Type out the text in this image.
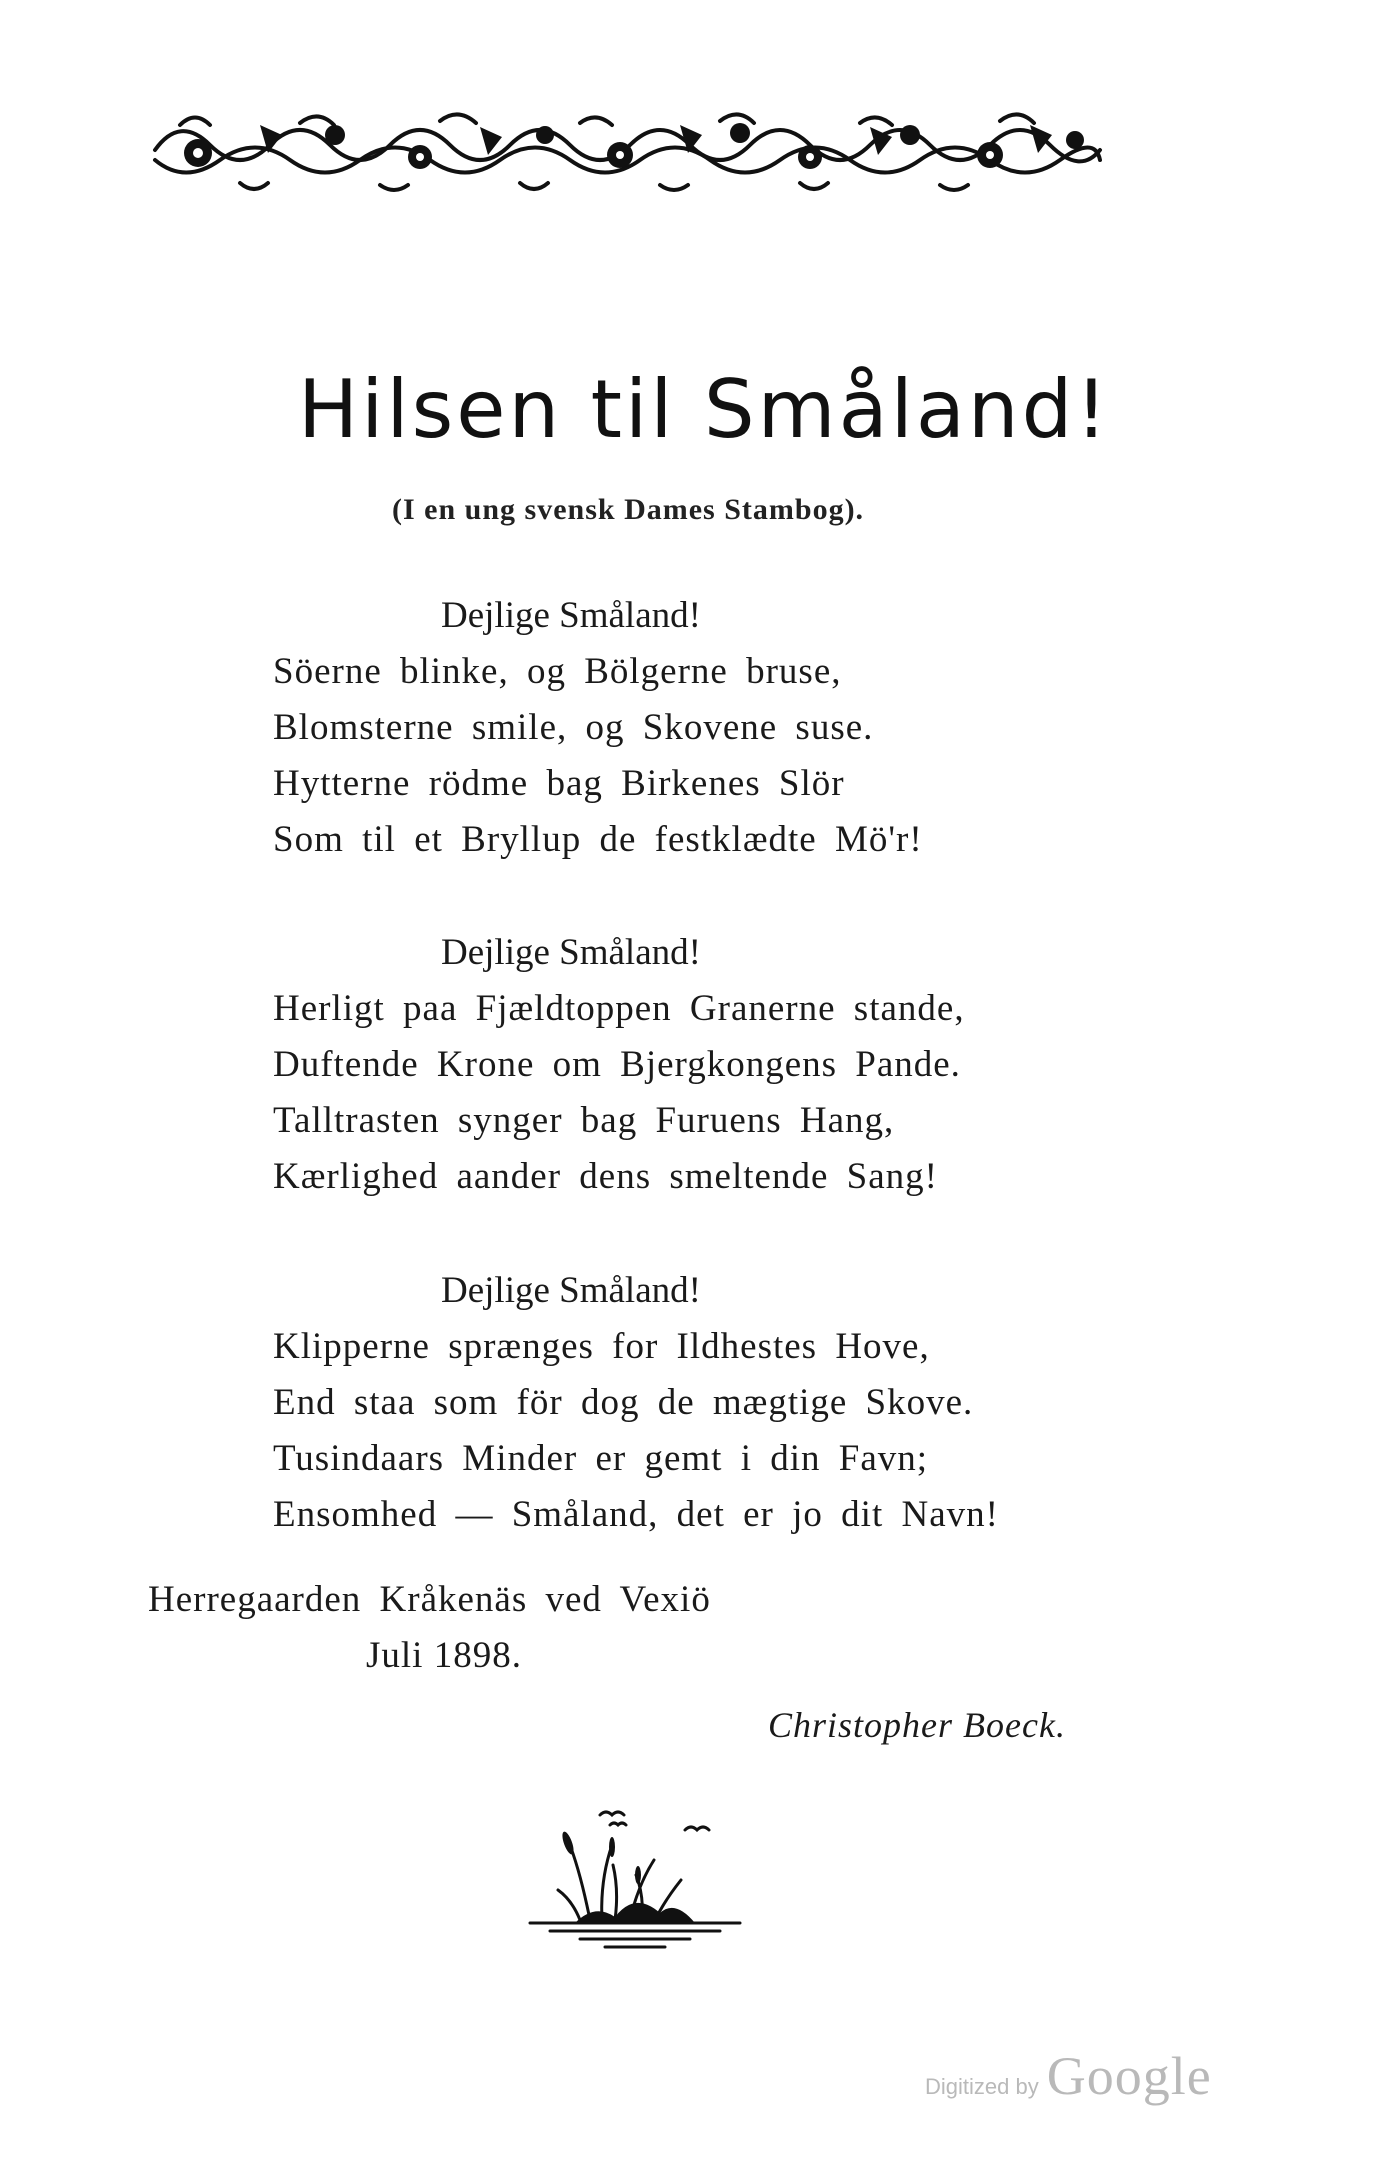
Hilsen til Småland!
(I en ung svensk Dames Stambog).
Dejlige Småland!
Söerne blinke, og Bölgerne bruse,
Blomsterne smile, og Skovene suse.
Hytterne rödme bag Birkenes Slör
Som til et Bryllup de festklædte Mö'r!
Dejlige Småland!
Herligt paa Fjældtoppen Granerne stande,
Duftende Krone om Bjergkongens Pande.
Talltrasten synger bag Furuens Hang,
Kærlighed aander dens smeltende Sang!
Dejlige Småland!
Klipperne sprænges for Ildhestes Hove,
End staa som för dog de mægtige Skove.
Tusindaars Minder er gemt i din Favn;
Ensomhed — Småland, det er jo dit Navn!
Herregaarden Kråkenäs ved Vexiö
Juli 1898.
Christopher Boeck.
Digitized by Google
